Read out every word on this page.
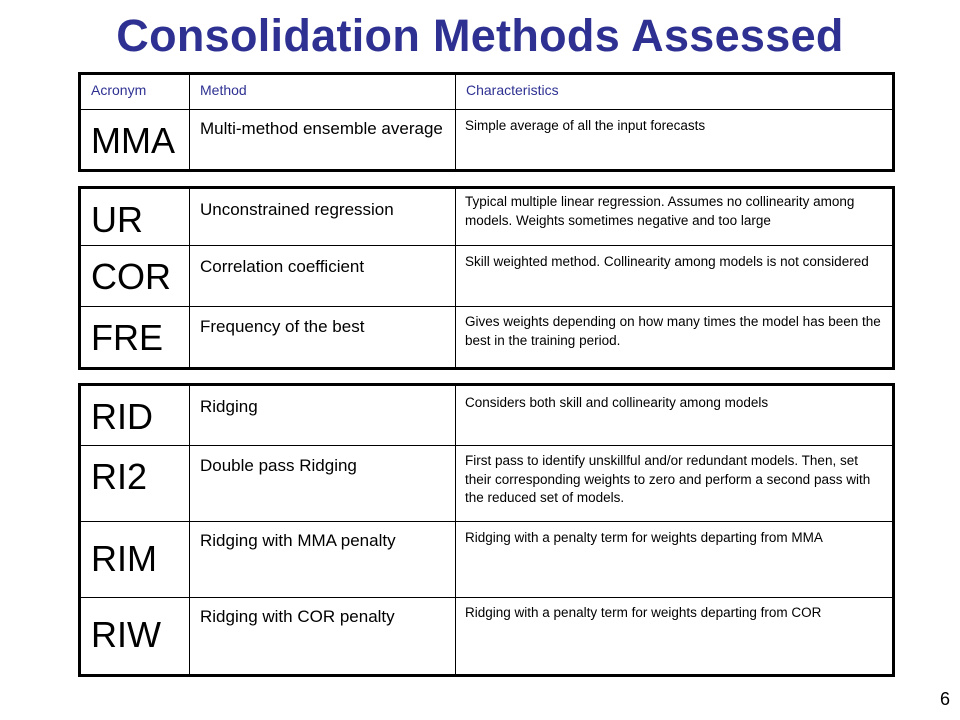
Consolidation Methods Assessed
Acronym	Method	Characteristics

MMA	Multi-method ensemble average	Simple average of all the input forecasts
UR	Unconstrained regression	Typical multiple linear regression. Assumes no collinearity among models. Weights sometimes negative and too large

COR	Correlation coefficient	Skill weighted method. Collinearity among models is not considered

FRE	Frequency of the best	Gives weights depending on how many times the model has been the best in the training period.
RID	Ridging	Considers both skill and collinearity among models

RI2	Double pass Ridging	First pass to identify unskillful and/or redundant models. Then, set their corresponding weights to zero and perform a second pass with the reduced set of models.

RIM	Ridging with MMA penalty	Ridging with a penalty term for weights departing from MMA

RIW	Ridging with COR penalty	Ridging with a penalty term for weights departing from COR
6
